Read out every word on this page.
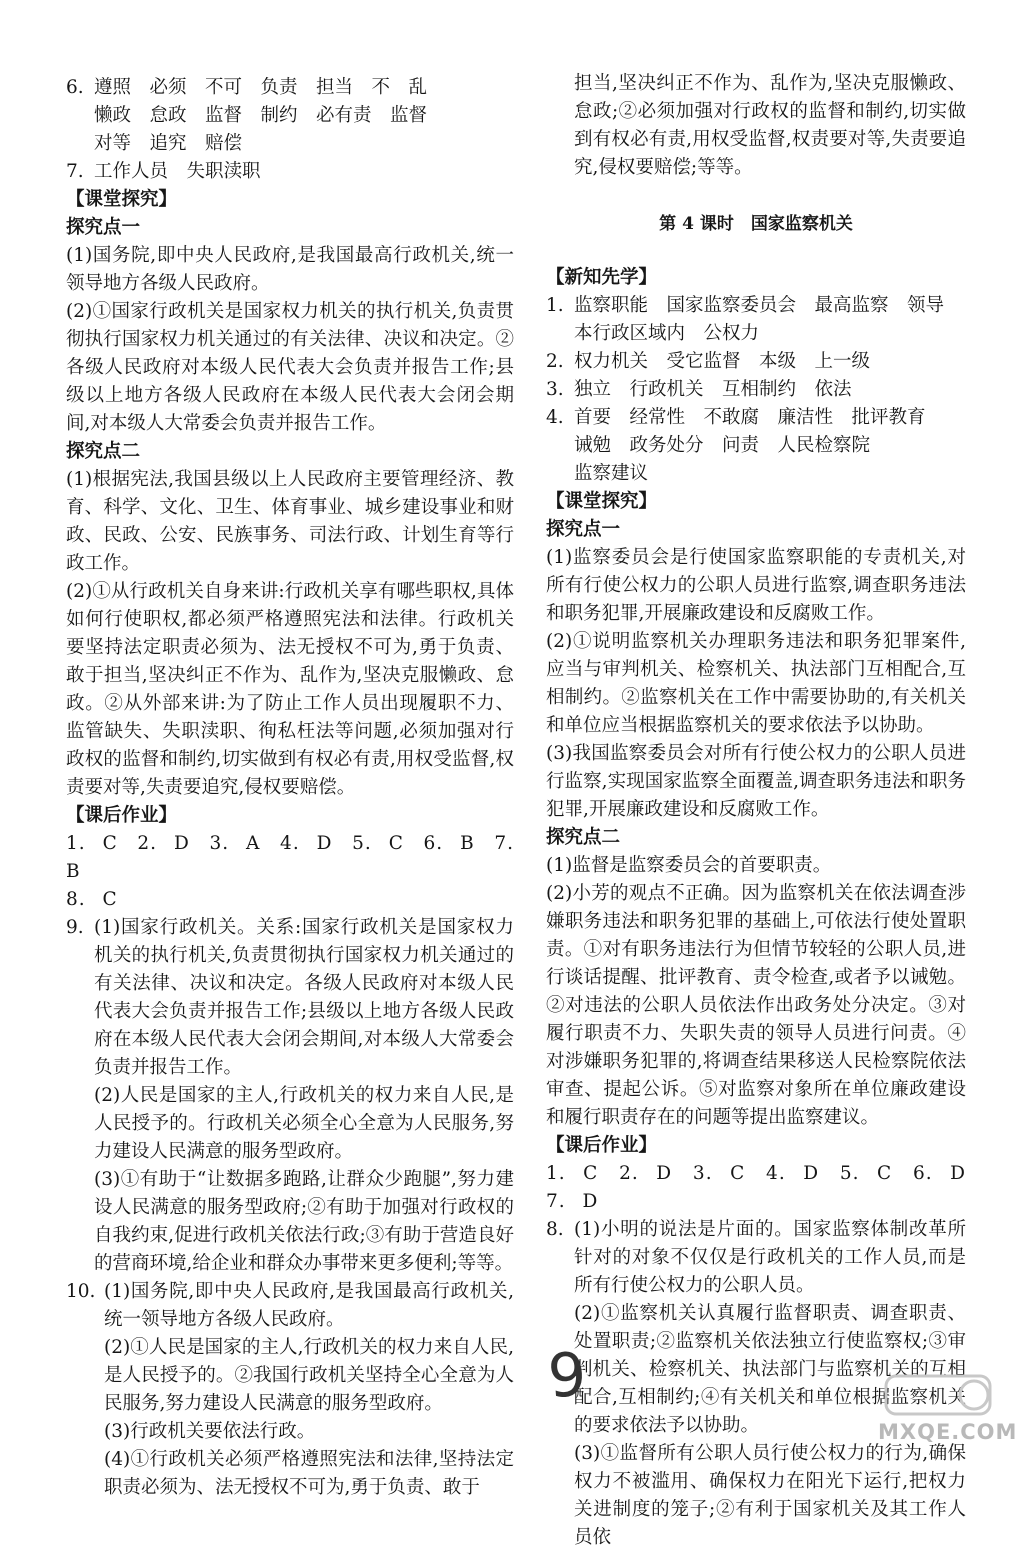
6. 遵照　必须　不可　负责　担当　不　乱

懒政　怠政　监督　制约　必有责　监督

对等　追究　赔偿

7. 工作人员　失职渎职

【课堂探究】

探究点一

(1)国务院,即中央人民政府,是我国最高行政机关,统一领导地方各级人民政府。

(2)①国家行政机关是国家权力机关的执行机关,负责贯彻执行国家权力机关通过的有关法律、决议和决定。②各级人民政府对本级人民代表大会负责并报告工作;县级以上地方各级人民政府在本级人民代表大会闭会期间,对本级人大常委会负责并报告工作。

探究点二

(1)根据宪法,我国县级以上人民政府主要管理经济、教育、科学、文化、卫生、体育事业、城乡建设事业和财政、民政、公安、民族事务、司法行政、计划生育等行政工作。

(2)①从行政机关自身来讲:行政机关享有哪些职权,具体如何行使职权,都必须严格遵照宪法和法律。行政机关要坚持法定职责必须为、法无授权不可为,勇于负责、敢于担当,坚决纠正不作为、乱作为,坚决克服懒政、怠政。②从外部来讲:为了防止工作人员出现履职不力、监管缺失、失职渎职、徇私枉法等问题,必须加强对行政权的监督和制约,切实做到有权必有责,用权受监督,权责要对等,失责要追究,侵权要赔偿。

【课后作业】

1. C　2. D　3. A　4. D　5. C　6. B　7. B

8. C

9. (1)国家行政机关。关系:国家行政机关是国家权力机关的执行机关,负责贯彻执行国家权力机关通过的有关法律、决议和决定。各级人民政府对本级人民代表大会负责并报告工作;县级以上地方各级人民政府在本级人民代表大会闭会期间,对本级人大常委会负责并报告工作。

(2)人民是国家的主人,行政机关的权力来自人民,是人民授予的。行政机关必须全心全意为人民服务,努力建设人民满意的服务型政府。

(3)①有助于“让数据多跑路,让群众少跑腿”,努力建设人民满意的服务型政府;②有助于加强对行政权的自我约束,促进行政机关依法行政;③有助于营造良好的营商环境,给企业和群众办事带来更多便利;等等。

10. (1)国务院,即中央人民政府,是我国最高行政机关,统一领导地方各级人民政府。

(2)①人民是国家的主人,行政机关的权力来自人民,是人民授予的。②我国行政机关坚持全心全意为人民服务,努力建设人民满意的服务型政府。

(3)行政机关要依法行政。

(4)①行政机关必须严格遵照宪法和法律,坚持法定职责必须为、法无授权不可为,勇于负责、敢于

担当,坚决纠正不作为、乱作为,坚决克服懒政、怠政;②必须加强对行政权的监督和制约,切实做到有权必有责,用权受监督,权责要对等,失责要追究,侵权要赔偿;等等。

第 4 课时　国家监察机关

【新知先学】

1. 监察职能　国家监察委员会　最高监察　领导

本行政区域内　公权力

2. 权力机关　受它监督　本级　上一级

3. 独立　行政机关　互相制约　依法

4. 首要　经常性　不敢腐　廉洁性　批评教育

诫勉　政务处分　问责　人民检察院

监察建议

【课堂探究】

探究点一

(1)监察委员会是行使国家监察职能的专责机关,对所有行使公权力的公职人员进行监察,调查职务违法和职务犯罪,开展廉政建设和反腐败工作。

(2)①说明监察机关办理职务违法和职务犯罪案件,应当与审判机关、检察机关、执法部门互相配合,互相制约。②监察机关在工作中需要协助的,有关机关和单位应当根据监察机关的要求依法予以协助。

(3)我国监察委员会对所有行使公权力的公职人员进行监察,实现国家监察全面覆盖,调查职务违法和职务犯罪,开展廉政建设和反腐败工作。

探究点二

(1)监督是监察委员会的首要职责。

(2)小芳的观点不正确。因为监察机关在依法调查涉嫌职务违法和职务犯罪的基础上,可依法行使处置职责。①对有职务违法行为但情节较轻的公职人员,进行谈话提醒、批评教育、责令检查,或者予以诫勉。②对违法的公职人员依法作出政务处分决定。③对履行职责不力、失职失责的领导人员进行问责。④对涉嫌职务犯罪的,将调查结果移送人民检察院依法审查、提起公诉。⑤对监察对象所在单位廉政建设和履行职责存在的问题等提出监察建议。

【课后作业】

1. C　2. D　3. C　4. D　5. C　6. D　7. D

8. (1)小明的说法是片面的。国家监察体制改革所针对的对象不仅仅是行政机关的工作人员,而是所有行使公权力的公职人员。

(2)①监察机关认真履行监督职责、调查职责、处置职责;②监察机关依法独立行使监察权;③审判机关、检察机关、执法部门与监察机关的互相配合,互相制约;④有关机关和单位根据监察机关的要求依法予以协助。

(3)①监督所有公职人员行使公权力的行为,确保权力不被滥用、确保权力在阳光下运行,把权力关进制度的笼子;②有利于国家机关及其工作人员依

9
MXQE.COM
